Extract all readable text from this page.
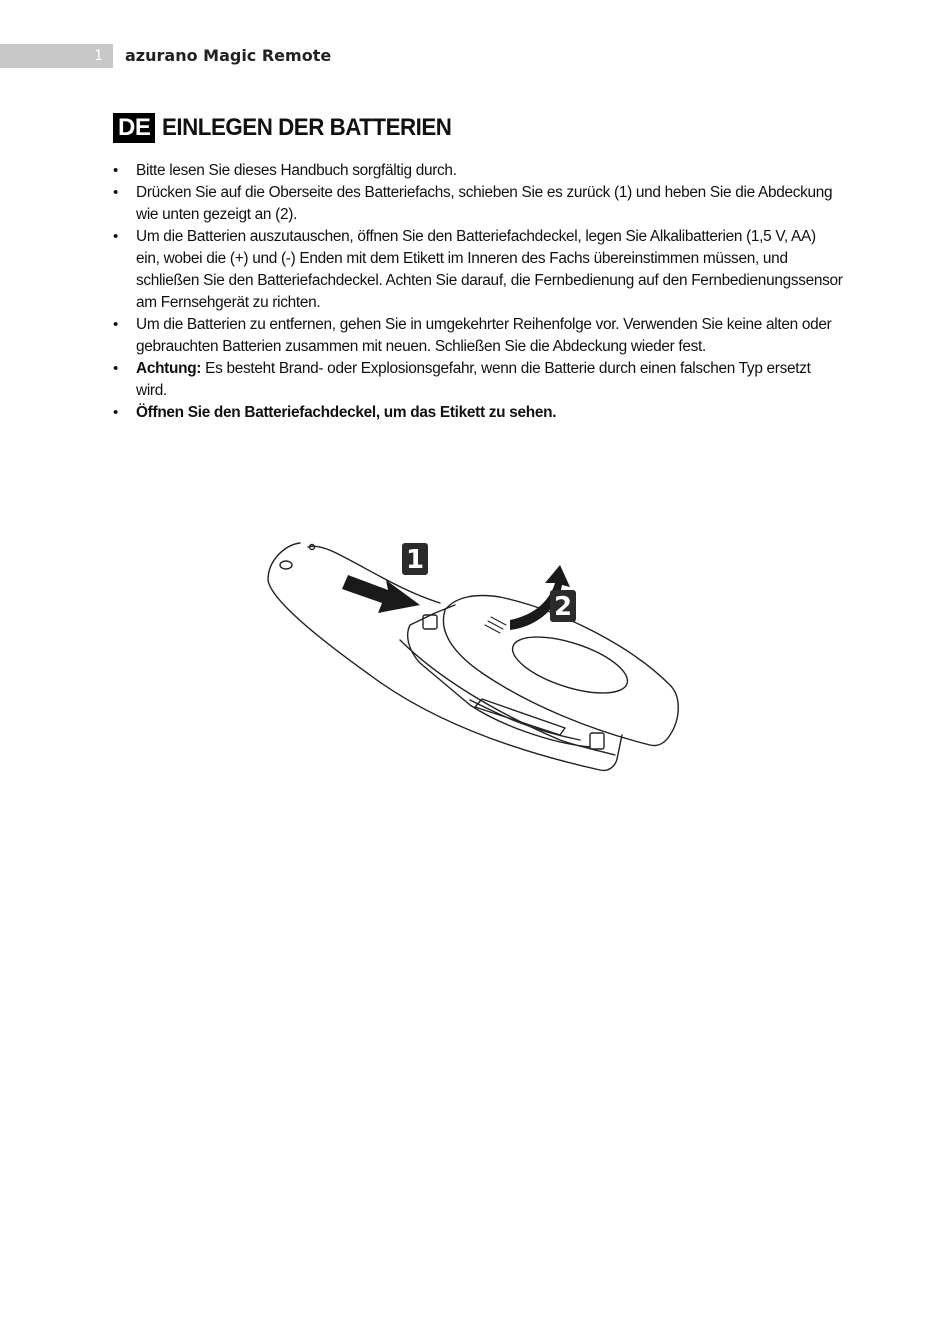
1	azurano Magic Remote
DE EINLEGEN DER BATTERIEN
• Bitte lesen Sie dieses Handbuch sorgfältig durch.
• Drücken Sie auf die Oberseite des Batteriefachs, schieben Sie es zurück (1) und heben Sie die Abdeckung wie unten gezeigt an (2).
• Um die Batterien auszutauschen, öffnen Sie den Batteriefachdeckel, legen Sie Alkalibatterien (1,5 V, AA) ein, wobei die (+) und (-) Enden mit dem Etikett im Inneren des Fachs übereinstimmen müssen, und schließen Sie den Batteriefachdeckel. Achten Sie darauf, die Fernbedienung auf den Fernbedienungssensor am Fernsehgerät zu richten.
• Um die Batterien zu entfernen, gehen Sie in umgekehrter Reihenfolge vor. Verwenden Sie keine alten oder gebrauchten Batterien zusammen mit neuen. Schließen Sie die Abdeckung wieder fest.
• Achtung: Es besteht Brand- oder Explosionsgefahr, wenn die Batterie durch einen falschen Typ ersetzt wird.
• Öffnen Sie den Batteriefachdeckel, um das Etikett zu sehen.
1
2
